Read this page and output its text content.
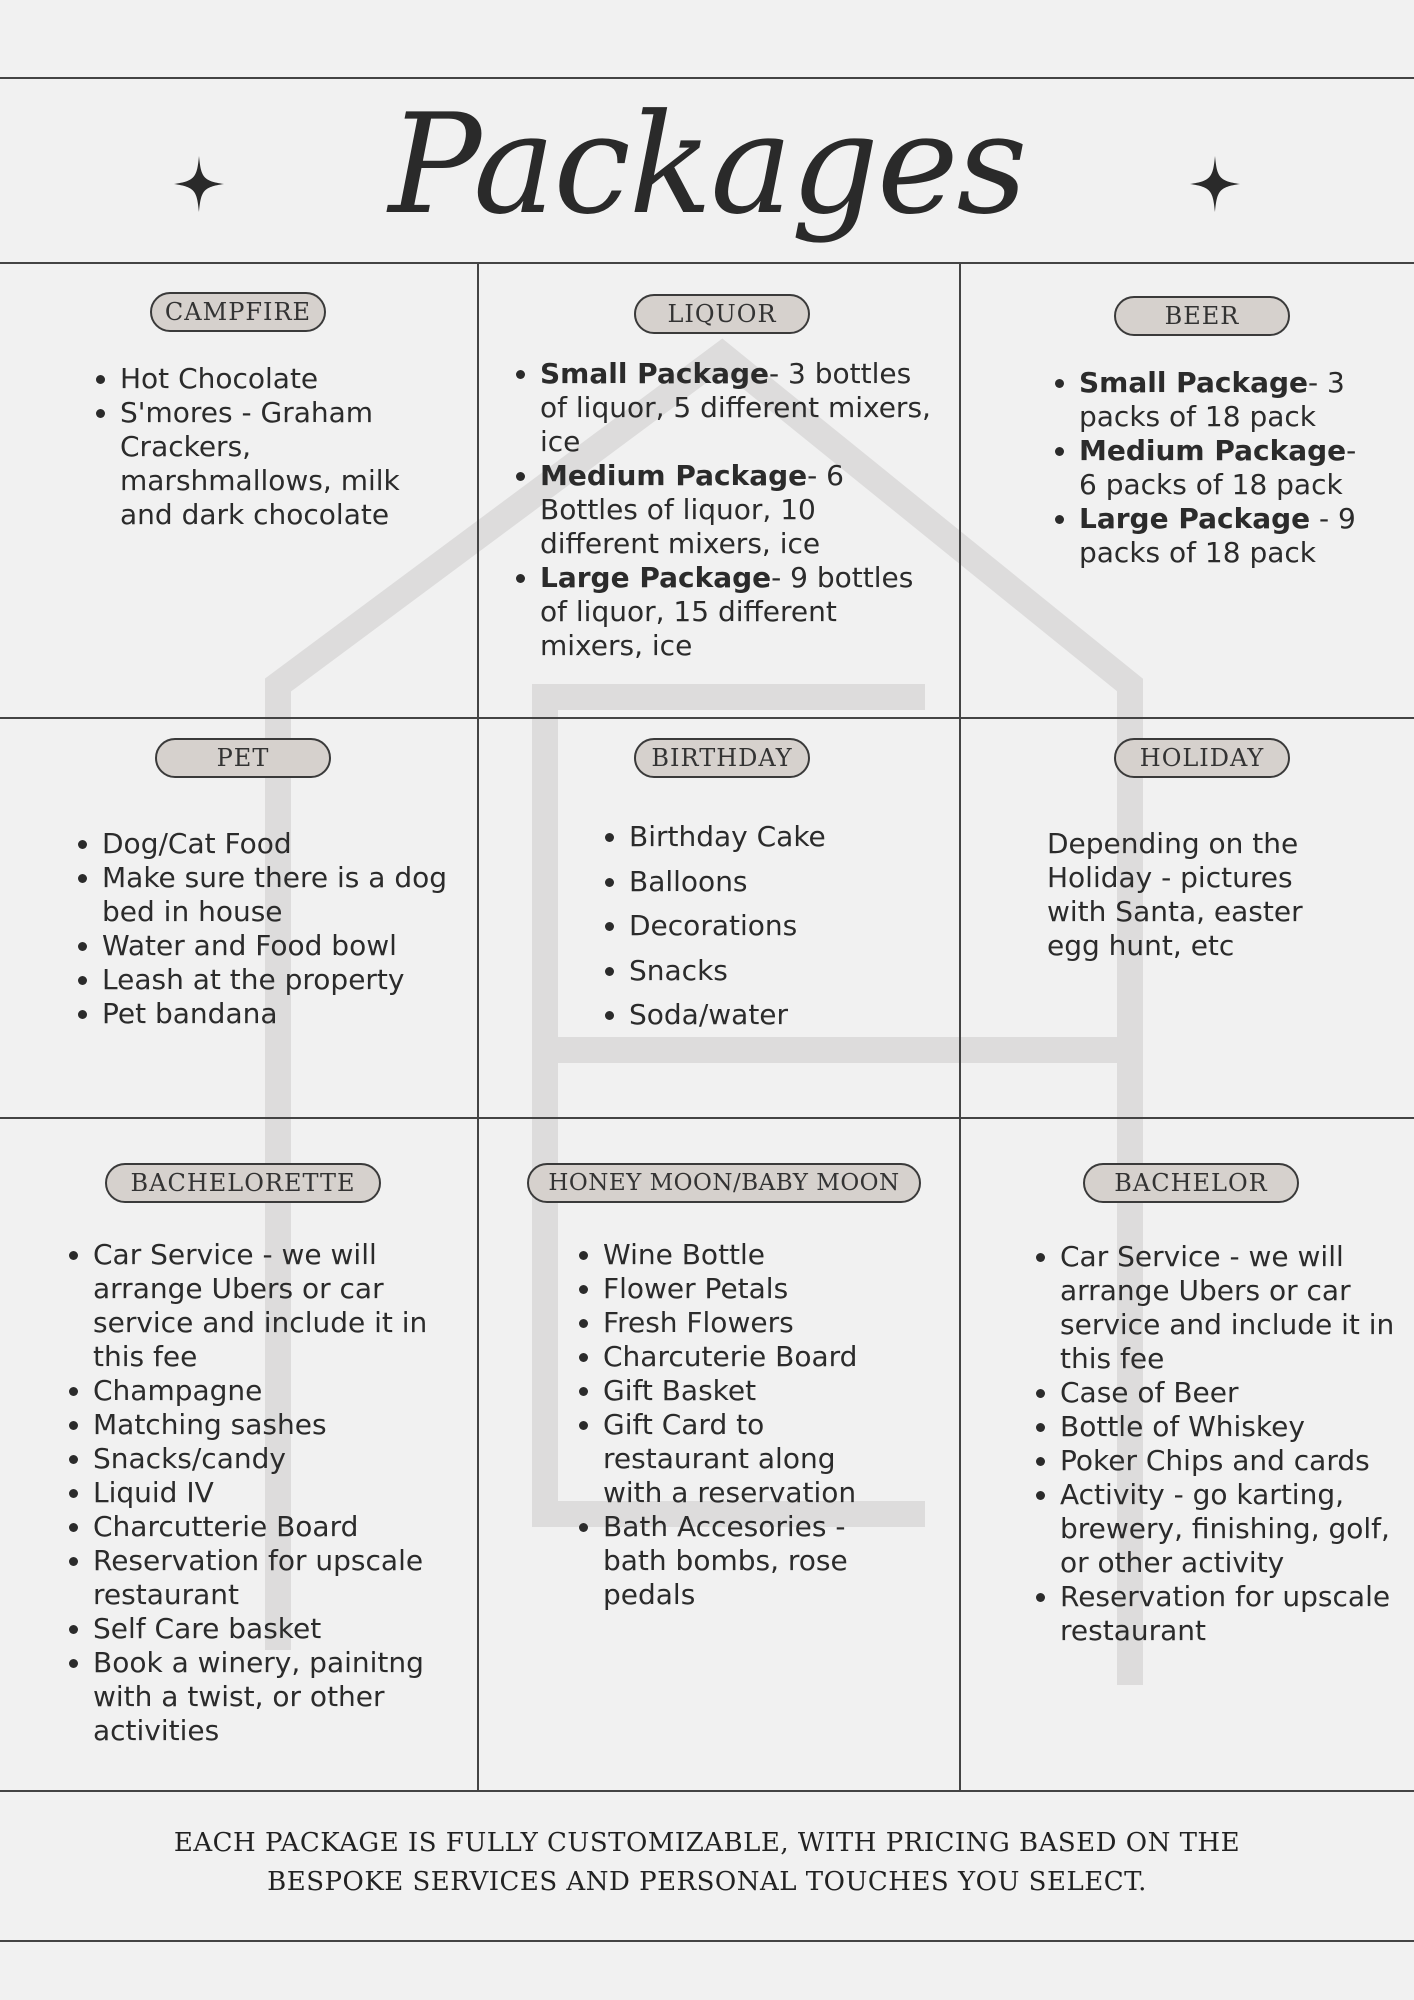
Packages
CAMPFIRE
• Hot Chocolate
• S'mores - Graham Crackers, marshmallows, milk and dark chocolate
LIQUOR
• Small Package- 3 bottles of liquor, 5 different mixers, ice
• Medium Package- 6 Bottles of liquor, 10 different mixers, ice
• Large Package- 9 bottles of liquor, 15 different mixers, ice
BEER
• Small Package- 3 packs of 18 pack
• Medium Package- 6 packs of 18 pack
• Large Package - 9 packs of 18 pack
PET
• Dog/Cat Food
• Make sure there is a dog bed in house
• Water and Food bowl
• Leash at the property
• Pet bandana
BIRTHDAY
• Birthday Cake
• Balloons
• Decorations
• Snacks
• Soda/water
HOLIDAY
Depending on the Holiday - pictures with Santa, easter egg hunt, etc
BACHELORETTE
• Car Service - we will arrange Ubers or car service and include it in this fee
• Champagne
• Matching sashes
• Snacks/candy
• Liquid IV
• Charcutterie Board
• Reservation for upscale restaurant
• Self Care basket
• Book a winery, painitng with a twist, or other activities
HONEY MOON/BABY MOON
• Wine Bottle
• Flower Petals
• Fresh Flowers
• Charcuterie Board
• Gift Basket
• Gift Card to restaurant along with a reservation
• Bath Accesories - bath bombs, rose pedals
BACHELOR
• Car Service - we will arrange Ubers or car service and include it in this fee
• Case of Beer
• Bottle of Whiskey
• Poker Chips and cards
• Activity - go karting, brewery, finishing, golf, or other activity
• Reservation for upscale restaurant
EACH PACKAGE IS FULLY CUSTOMIZABLE, WITH PRICING BASED ON THE
BESPOKE SERVICES AND PERSONAL TOUCHES YOU SELECT.
